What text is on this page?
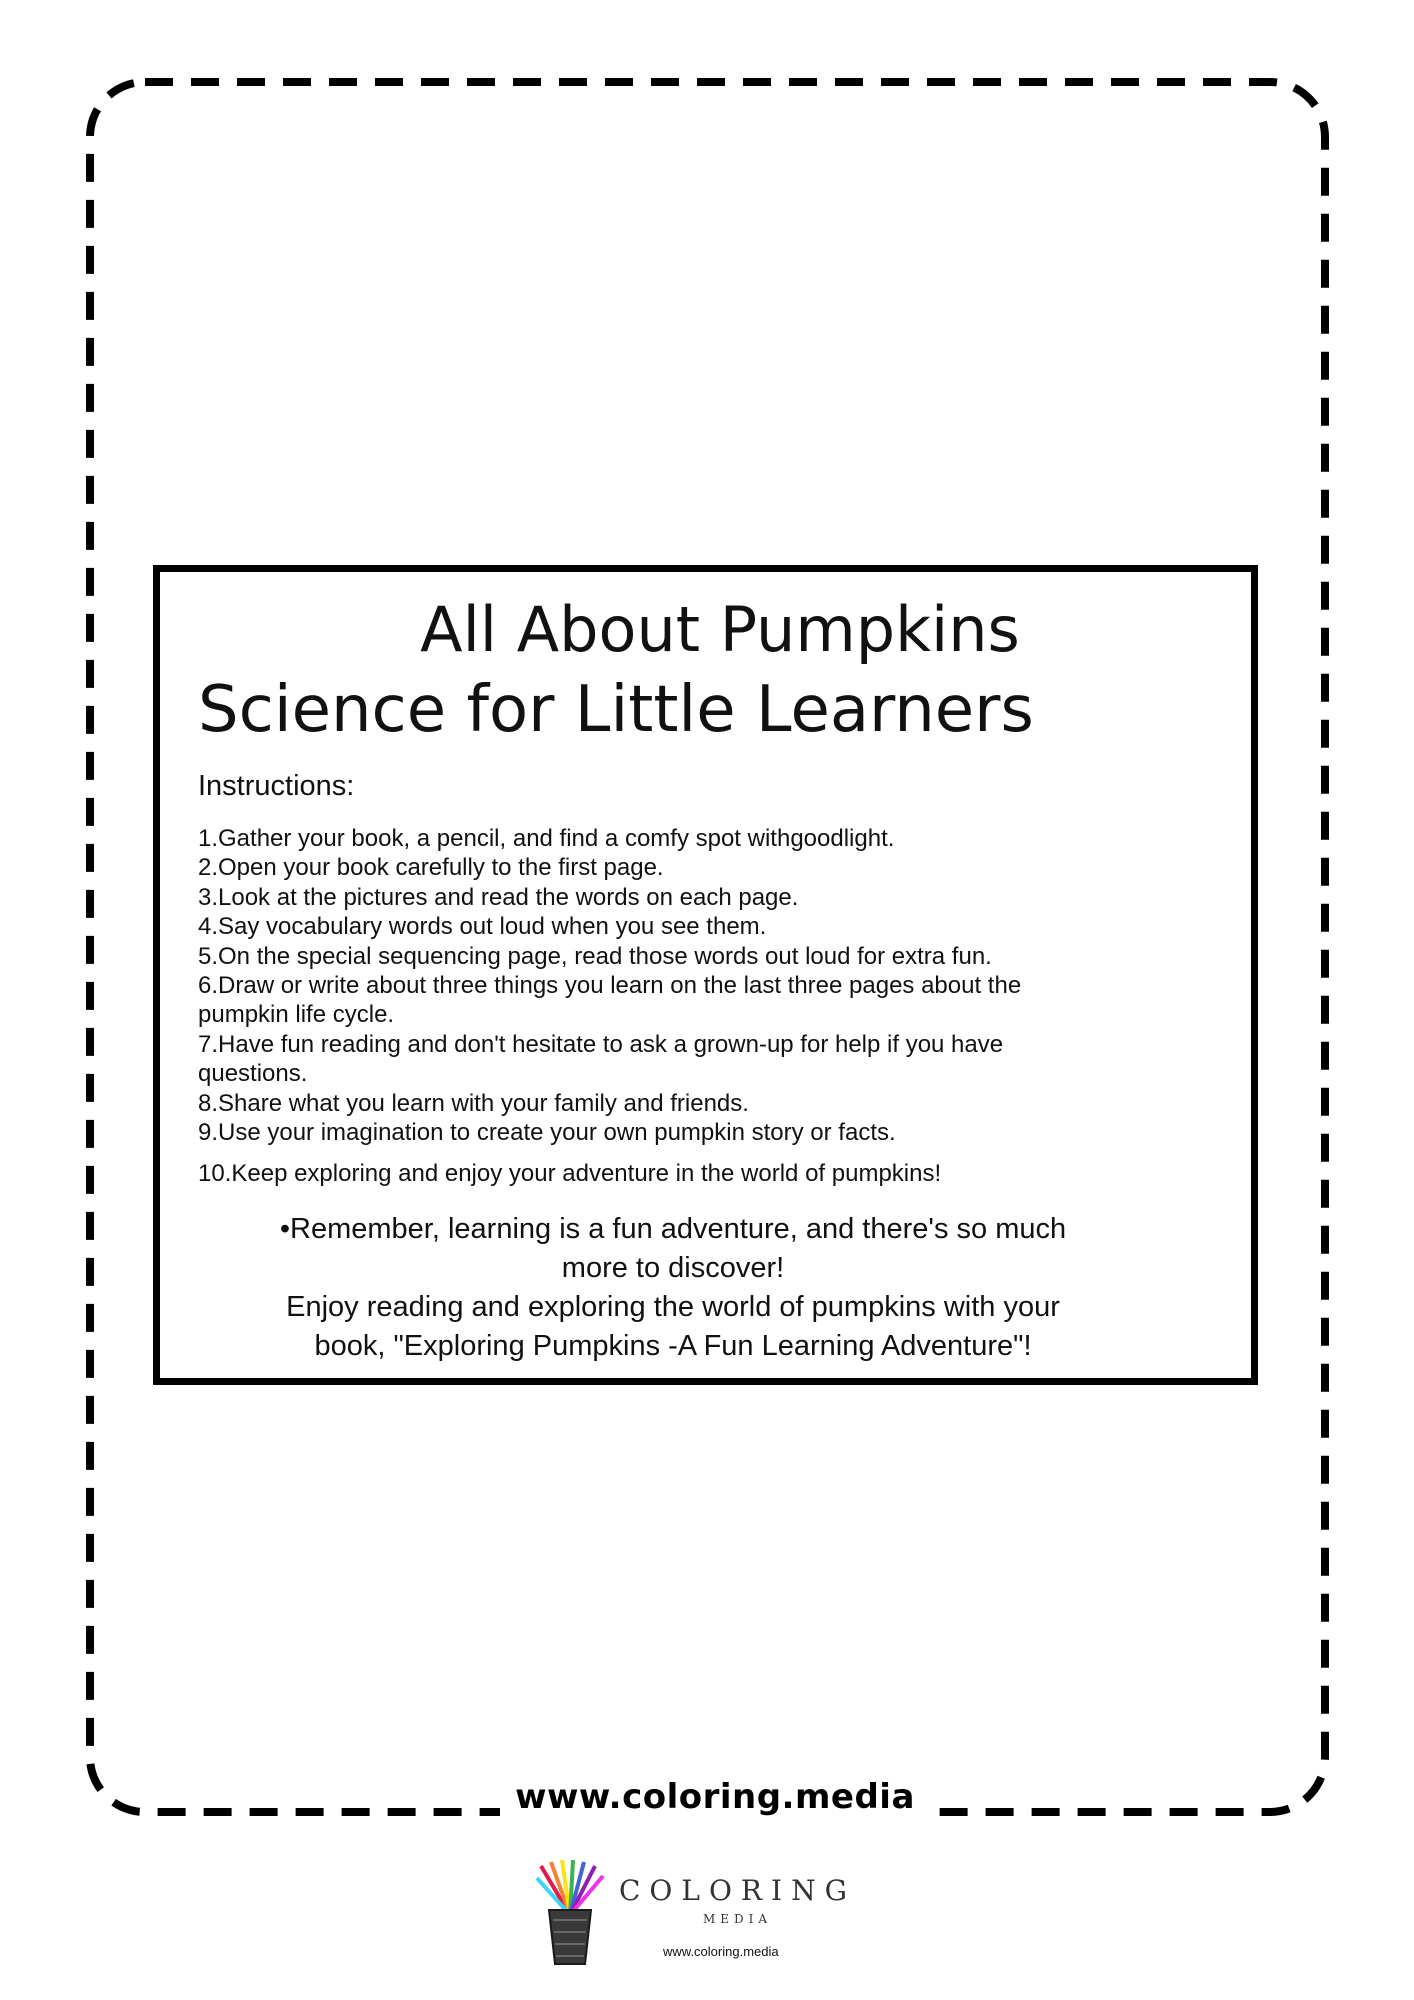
www.coloring.media
All About Pumpkins
Science for Little Learners
Instructions:
1.Gather your book, a pencil, and find a comfy spot withgoodlight.
2.Open your book carefully to the first page.
3.Look at the pictures and read the words on each page.
4.Say vocabulary words out loud when you see them.
5.On the special sequencing page, read those words out loud for extra fun.
6.Draw or write about three things you learn on the last three pages about the pumpkin life cycle.
7.Have fun reading and don't hesitate to ask a grown-up for help if you have questions.
8.Share what you learn with your family and friends.
9.Use your imagination to create your own pumpkin story or facts.
10.Keep exploring and enjoy your adventure in the world of pumpkins!

•Remember, learning is a fun adventure, and there's so much more to discover!

Enjoy reading and exploring the world of pumpkins with your book, "Exploring Pumpkins -A Fun Learning Adventure"!

COLORING
MEDIA
www.coloring.media
